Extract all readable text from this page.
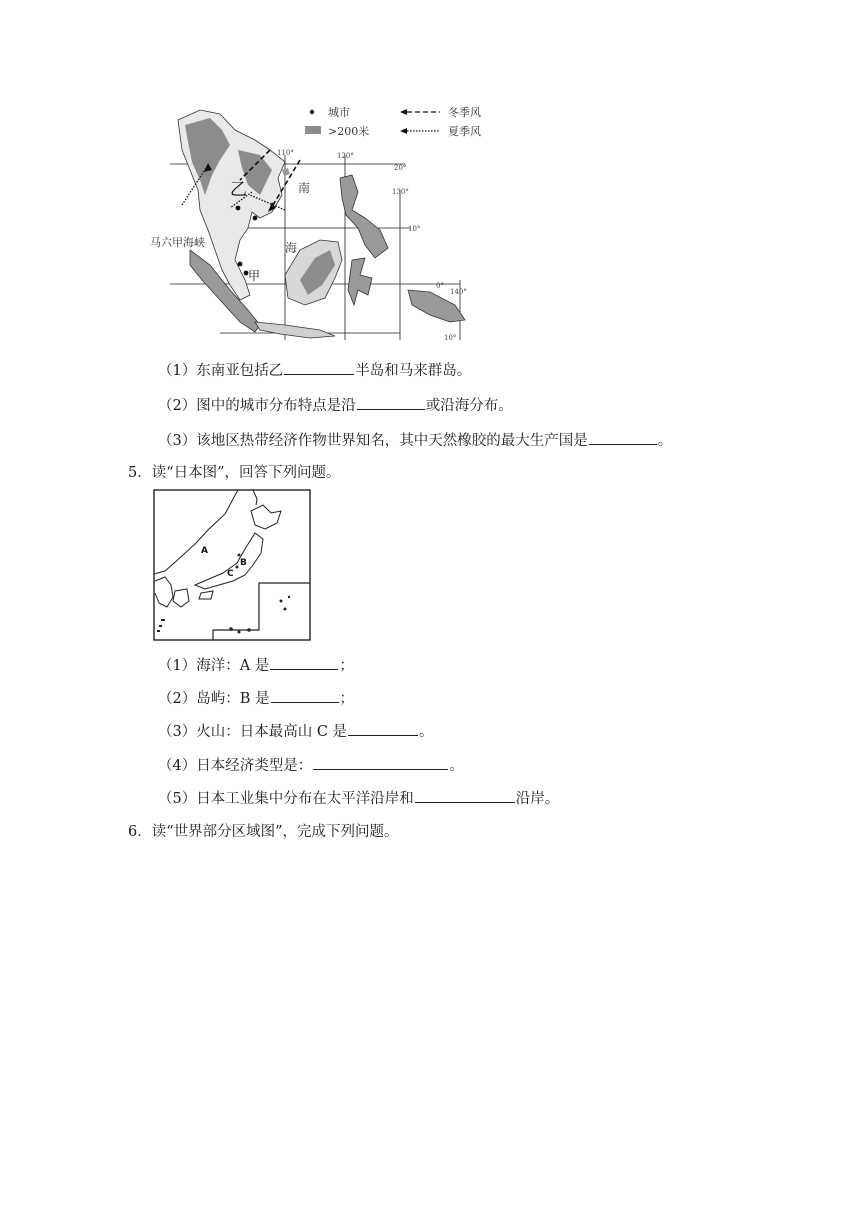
城市
>200米
冬季风
夏季风
110°	120°
130°
140°
20°
10°
0°
10°
乙
甲
南
海
马六甲海峡
（1）东南亚包括乙	半岛和马来群岛。
（2）图中的城市分布特点是沿	或沿海分布。
（3）该地区热带经济作物世界知名，其中天然橡胶的最大生产国是	。
5．读“日本图”，回答下列问题。
A
B
C
（1）海洋：A 是	；
（2）岛屿：B 是	；
（3）火山：日本最高山 C 是	。
（4）日本经济类型是：	。
（5）日本工业集中分布在太平洋沿岸和	沿岸。
6．读“世界部分区域图”，完成下列问题。
